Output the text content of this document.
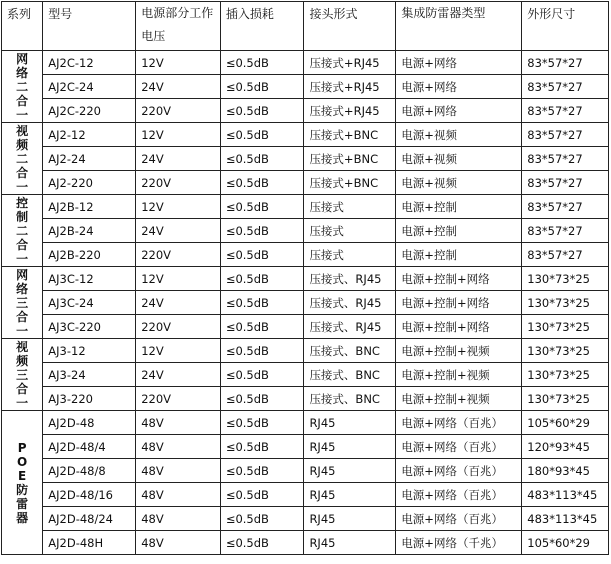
系列	型号	电源部分工作电压	插入损耗	接头形式	集成防雷器类型	外形尺寸
网络二合一	AJ2C-12	12V	≤0.5dB	压接式+RJ45	电源+网络	83*57*27
	AJ2C-24	24V	≤0.5dB	压接式+RJ45	电源+网络	83*57*27
	AJ2C-220	220V	≤0.5dB	压接式+RJ45	电源+网络	83*57*27
视频二合一	AJ2-12	12V	≤0.5dB	压接式+BNC	电源+视频	83*57*27
	AJ2-24	24V	≤0.5dB	压接式+BNC	电源+视频	83*57*27
	AJ2-220	220V	≤0.5dB	压接式+BNC	电源+视频	83*57*27
控制二合一	AJ2B-12	12V	≤0.5dB	压接式	电源+控制	83*57*27
	AJ2B-24	24V	≤0.5dB	压接式	电源+控制	83*57*27
	AJ2B-220	220V	≤0.5dB	压接式	电源+控制	83*57*27
网络三合一	AJ3C-12	12V	≤0.5dB	压接式、RJ45	电源+控制+网络	130*73*25
	AJ3C-24	24V	≤0.5dB	压接式、RJ45	电源+控制+网络	130*73*25
	AJ3C-220	220V	≤0.5dB	压接式、RJ45	电源+控制+网络	130*73*25
视频三合一	AJ3-12	12V	≤0.5dB	压接式、BNC	电源+控制+视频	130*73*25
	AJ3-24	24V	≤0.5dB	压接式、BNC	电源+控制+视频	130*73*25
	AJ3-220	220V	≤0.5dB	压接式、BNC	电源+控制+视频	130*73*25
POE防雷器	AJ2D-48	48V	≤0.5dB	RJ45	电源+网络（百兆）	105*60*29
	AJ2D-48/4	48V	≤0.5dB	RJ45	电源+网络（百兆）	120*93*45
	AJ2D-48/8	48V	≤0.5dB	RJ45	电源+网络（百兆）	180*93*45
	AJ2D-48/16	48V	≤0.5dB	RJ45	电源+网络（百兆）	483*113*45
	AJ2D-48/24	48V	≤0.5dB	RJ45	电源+网络（百兆）	483*113*45
	AJ2D-48H	48V	≤0.5dB	RJ45	电源+网络（千兆）	105*60*29
